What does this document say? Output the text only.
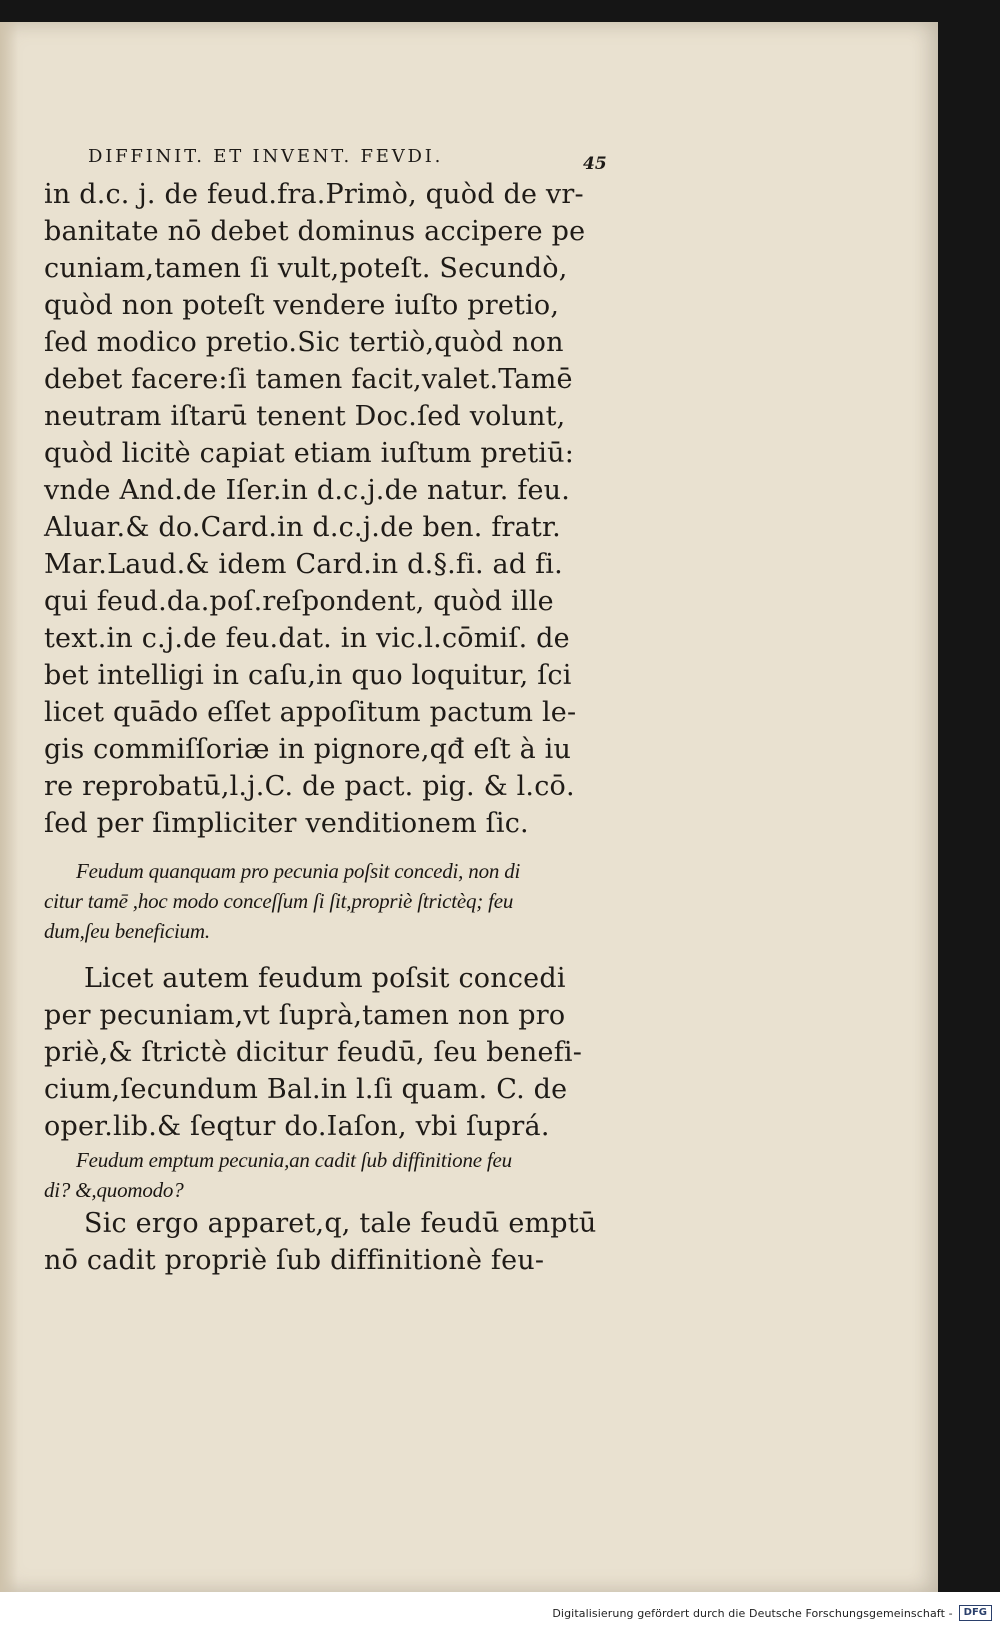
DIFFINIT. ET INVENT. FEVDI.	45
in d.c. j. de feud.fra.Primò, quòd de vr-
banitate nō debet dominus accipere pe
cuniam,tamen ſi vult,poteſt. Secundò,
quòd non poteſt vendere iuſto pretio,
ſed modico pretio.Sic tertiò,quòd non
debet facere:ſi tamen facit,valet.Tamē
neutram iſtarū tenent Doc.ſed volunt,
quòd licitè capiat etiam iuſtum pretiū:
vnde And.de Iſer.in d.c.j.de natur. feu.
Aluar.& do.Card.in d.c.j.de ben. fratr.
Mar.Laud.& idem Card.in d.§.fi. ad fi.
qui feud.da.poſ.reſpondent, quòd ille
text.in c.j.de feu.dat. in vic.l.cōmiſ. de
bet intelligi in caſu,in quo loquitur, ſci
licet quādo eſſet appoſitum pactum le-
gis commiſſoriæ in pignore,qđ eſt à iu
re reprobatū,l.j.C. de pact. pig. & l.cō.
ſed per ſimpliciter venditionem ſic.
Feudum quanquam pro pecunia poſsit concedi, non di
citur tamē ,hoc modo conceſſum ſi ſit,propriè ſtrictèq; feu
dum,ſeu beneficium.
Licet autem feudum poſsit concedi
per pecuniam,vt ſuprà,tamen non pro
priè,& ſtrictè dicitur feudū, ſeu benefi-
cium,ſecundum Bal.in l.ſi quam. C. de
oper.lib.& ſeqtur do.Iaſon, vbi ſuprá.
Feudum emptum pecunia,an cadit ſub diffinitione feu
di? &,quomodo?
Sic ergo apparet,q, tale feudū emptū
nō cadit propriè ſub diffinitionè feu-
Digitalisierung gefördert durch die Deutsche Forschungsgemeinschaft -	DFG
